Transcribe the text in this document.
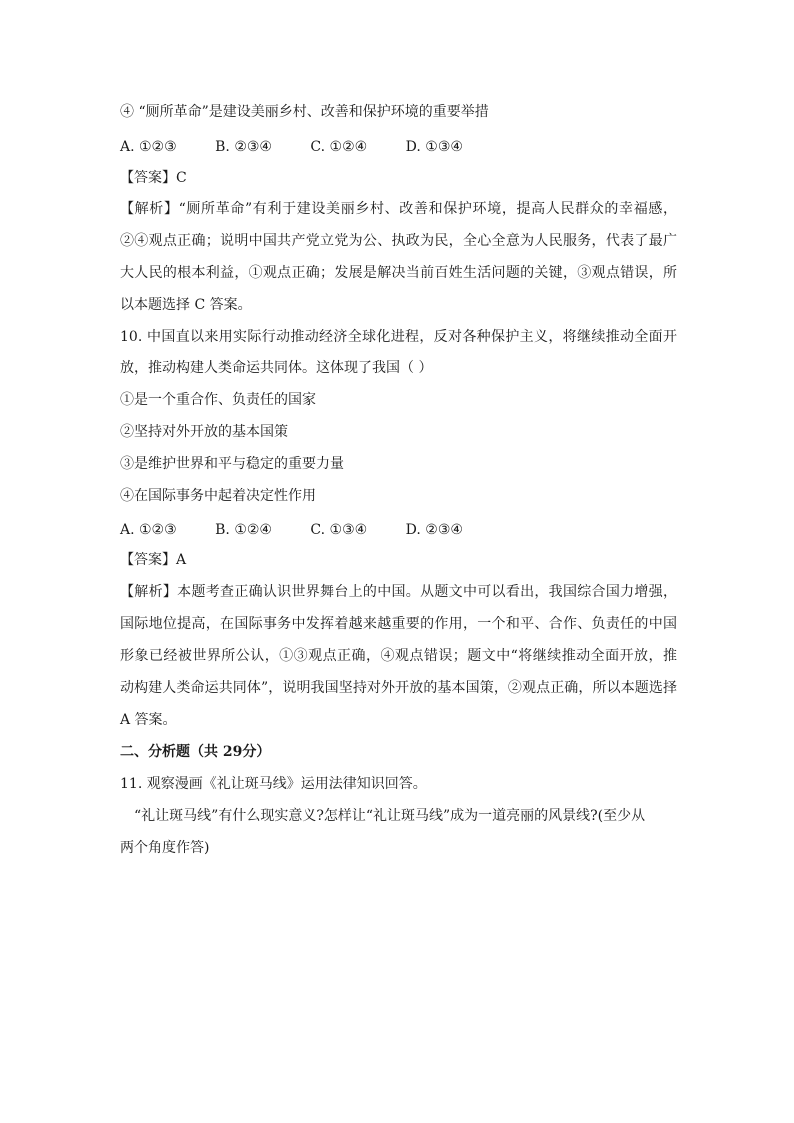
④ “厕所革命”是建设美丽乡村、改善和保护环境的重要举措
A. ①②③	B. ②③④	C. ①②④	D. ①③④
【答案】C
【解析】“厕所革命”有利于建设美丽乡村、改善和保护环境，提高人民群众的幸福感，
②④观点正确；说明中国共产党立党为公、执政为民，全心全意为人民服务，代表了最广
大人民的根本利益，①观点正确；发展是解决当前百姓生活问题的关键，③观点错误，所
以本题选择 C 答案。
10. 中国直以来用实际行动推动经济全球化进程，反对各种保护主义，将继续推动全面开
放，推动构建人类命运共同体。这体现了我国（ ）
①是一个重合作、负责任的国家
②坚持对外开放的基本国策
③是维护世界和平与稳定的重要力量
④在国际事务中起着决定性作用
A. ①②③	B. ①②④	C. ①③④	D. ②③④
【答案】A
【解析】本题考查正确认识世界舞台上的中国。从题文中可以看出，我国综合国力增强，
国际地位提高，在国际事务中发挥着越来越重要的作用，一个和平、合作、负责任的中国
形象已经被世界所公认，①③观点正确，④观点错误；题文中“将继续推动全面开放，推
动构建人类命运共同体”，说明我国坚持对外开放的基本国策，②观点正确，所以本题选择
A 答案。
二、分析题（共 29分）
11. 观察漫画《礼让斑马线》运用法律知识回答。
“礼让斑马线”有什么现实意义?怎样让“礼让斑马线”成为一道亮丽的风景线?(至少从
两个角度作答)
